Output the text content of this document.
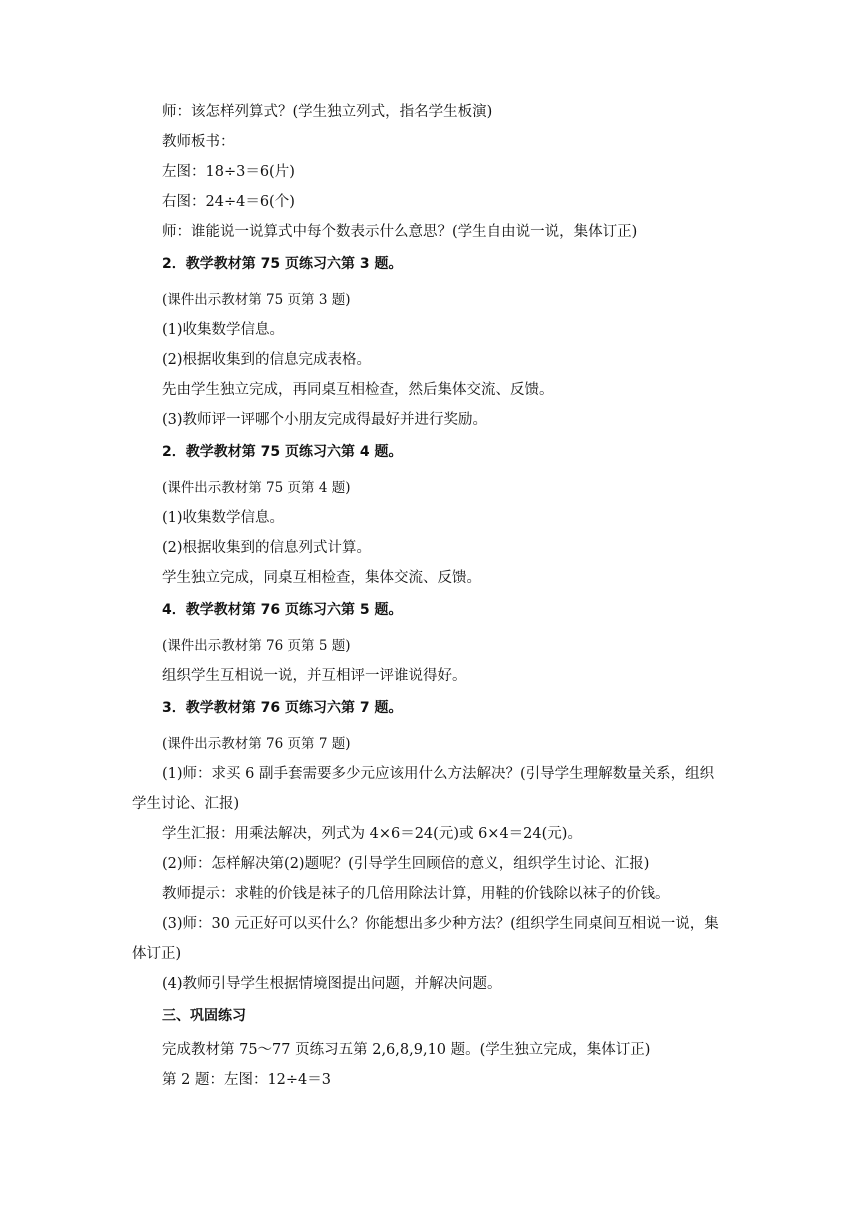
师：该怎样列算式？(学生独立列式，指名学生板演)
教师板书：
左图：18÷3＝6(片)
右图：24÷4＝6(个)
师：谁能说一说算式中每个数表示什么意思？(学生自由说一说，集体订正)
2．教学教材第 75 页练习六第 3 题。
(课件出示教材第 75 页第 3 题)
(1)收集数学信息。
(2)根据收集到的信息完成表格。
先由学生独立完成，再同桌互相检查，然后集体交流、反馈。
(3)教师评一评哪个小朋友完成得最好并进行奖励。
2．教学教材第 75 页练习六第 4 题。
(课件出示教材第 75 页第 4 题)
(1)收集数学信息。
(2)根据收集到的信息列式计算。
学生独立完成，同桌互相检查，集体交流、反馈。
4．教学教材第 76 页练习六第 5 题。
(课件出示教材第 76 页第 5 题)
组织学生互相说一说，并互相评一评谁说得好。
3．教学教材第 76 页练习六第 7 题。
(课件出示教材第 76 页第 7 题)
(1)师：求买 6 副手套需要多少元应该用什么方法解决？(引导学生理解数量关系，组织
学生讨论、汇报)
学生汇报：用乘法解决，列式为 4×6＝24(元)或 6×4＝24(元)。
(2)师：怎样解决第(2)题呢？(引导学生回顾倍的意义，组织学生讨论、汇报)
教师提示：求鞋的价钱是袜子的几倍用除法计算，用鞋的价钱除以袜子的价钱。
(3)师：30 元正好可以买什么？你能想出多少种方法？(组织学生同桌间互相说一说，集
体订正)
(4)教师引导学生根据情境图提出问题，并解决问题。
三、巩固练习
完成教材第 75～77 页练习五第 2,6,8,9,10 题。(学生独立完成，集体订正)
第 2 题：左图：12÷4＝3
